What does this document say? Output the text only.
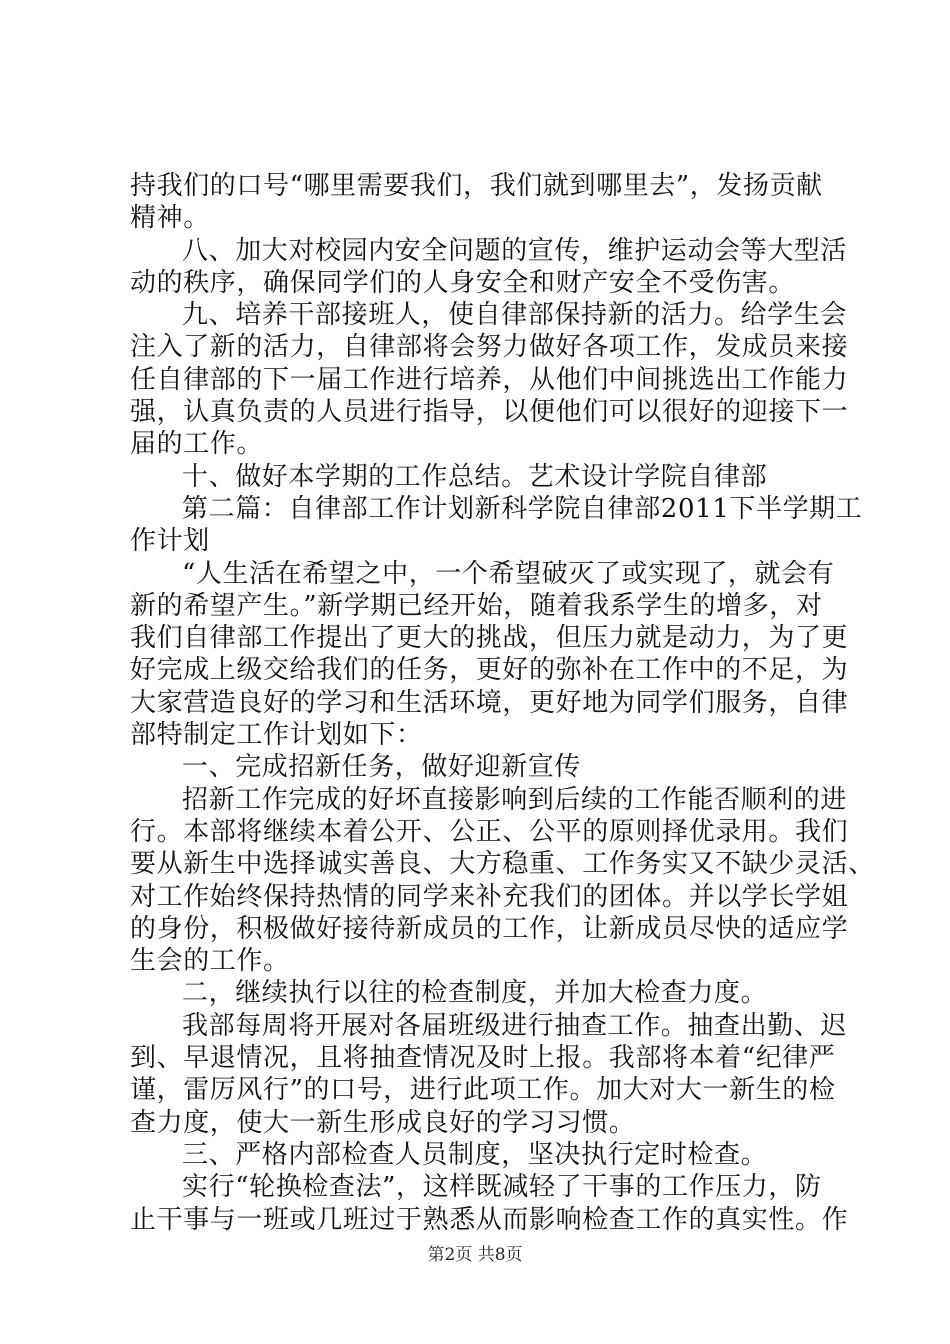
持我们的口号“哪里需要我们，我们就到哪里去”，发扬贡献
精神。
八、加大对校园内安全问题的宣传，维护运动会等大型活
动的秩序，确保同学们的人身安全和财产安全不受伤害。
九、培养干部接班人，使自律部保持新的活力。给学生会
注入了新的活力，自律部将会努力做好各项工作，发成员来接
任自律部的下一届工作进行培养，从他们中间挑选出工作能力
强，认真负责的人员进行指导，以便他们可以很好的迎接下一
届的工作。
十、做好本学期的工作总结。艺术设计学院自律部
第二篇：自律部工作计划新科学院自律部2011下半学期工
作计划
“人生活在希望之中，一个希望破灭了或实现了，就会有
新的希望产生。”新学期已经开始，随着我系学生的增多，对
我们自律部工作提出了更大的挑战，但压力就是动力，为了更
好完成上级交给我们的任务，更好的弥补在工作中的不足，为
大家营造良好的学习和生活环境，更好地为同学们服务，自律
部特制定工作计划如下：
一、完成招新任务，做好迎新宣传
招新工作完成的好坏直接影响到后续的工作能否顺利的进
行。本部将继续本着公开、公正、公平的原则择优录用。我们
要从新生中选择诚实善良、大方稳重、工作务实又不缺少灵活、
对工作始终保持热情的同学来补充我们的团体。并以学长学姐
的身份，积极做好接待新成员的工作，让新成员尽快的适应学
生会的工作。
二，继续执行以往的检查制度，并加大检查力度。
我部每周将开展对各届班级进行抽查工作。抽查出勤、迟
到、早退情况，且将抽查情况及时上报。我部将本着“纪律严
谨，雷厉风行”的口号，进行此项工作。加大对大一新生的检
查力度，使大一新生形成良好的学习习惯。
三、严格内部检查人员制度，坚决执行定时检查。
实行“轮换检查法”，这样既减轻了干事的工作压力，防
止干事与一班或几班过于熟悉从而影响检查工作的真实性。作
第2页 共8页
